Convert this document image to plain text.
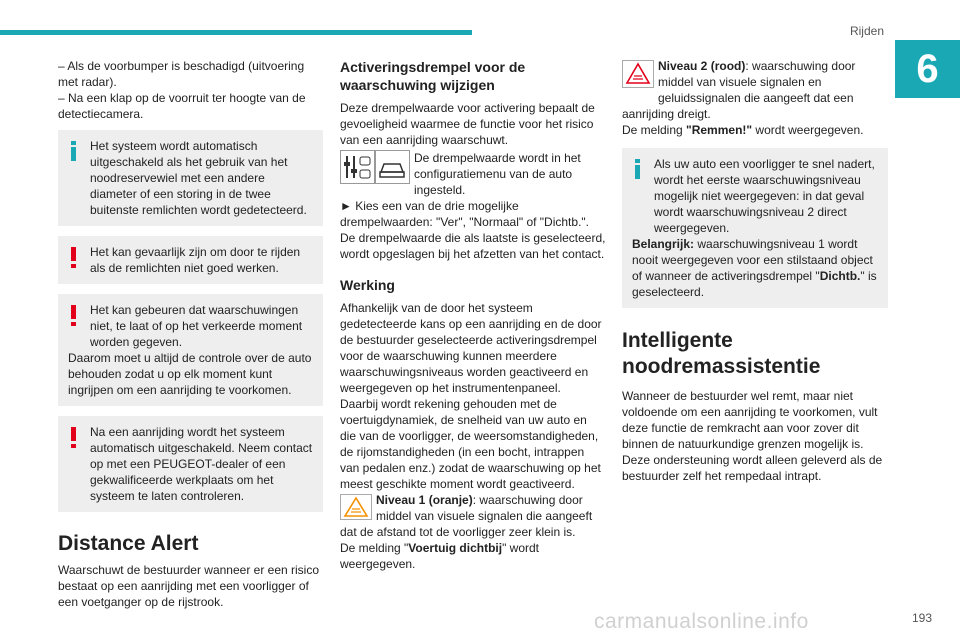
Rijden
6

– Als de voorbumper is beschadigd (uitvoering met radar).

– Na een klap op de voorruit ter hoogte van de detectiecamera.

Het systeem wordt automatisch uitgeschakeld als het gebruik van het noodreservewiel met een andere diameter of een storing in de twee buitenste remlichten wordt gedetecteerd.

Het kan gevaarlijk zijn om door te rijden als de remlichten niet goed werken.

Het kan gebeuren dat waarschuwingen niet, te laat of op het verkeerde moment worden gegeven.

Daarom moet u altijd de controle over de auto behouden zodat u op elk moment kunt ingrijpen om een aanrijding te voorkomen.

Na een aanrijding wordt het systeem automatisch uitgeschakeld. Neem contact op met een PEUGEOT-dealer of een gekwalificeerde werkplaats om het systeem te laten controleren.

Distance Alert

Waarschuwt de bestuurder wanneer er een risico bestaat op een aanrijding met een voorligger of een voetganger op de rijstrook.

Activeringsdrempel voor de waarschuwing wijzigen

Deze drempelwaarde voor activering bepaalt de gevoeligheid waarmee de functie voor het risico van een aanrijding waarschuwt.

De drempelwaarde wordt in het configuratiemenu van de auto ingesteld.

► Kies een van de drie mogelijke drempelwaarden: "Ver", "Normaal" of "Dichtb.".

De drempelwaarde die als laatste is geselecteerd, wordt opgeslagen bij het afzetten van het contact.

Werking

Afhankelijk van de door het systeem gedetecteerde kans op een aanrijding en de door de bestuurder geselecteerde activeringsdrempel voor de waarschuwing kunnen meerdere waarschuwingsniveaus worden geactiveerd en weergegeven op het instrumentenpaneel.

Daarbij wordt rekening gehouden met de voertuigdynamiek, de snelheid van uw auto en die van de voorligger, de weersomstandigheden, de rijomstandigheden (in een bocht, intrappen van pedalen enz.) zodat de waarschuwing op het meest geschikte moment wordt geactiveerd.

Niveau 1 (oranje): waarschuwing door middel van visuele signalen die aangeeft dat de afstand tot de voorligger zeer klein is.

De melding "Voertuig dichtbij" wordt weergegeven.

Niveau 2 (rood): waarschuwing door middel van visuele signalen en geluidssignalen die aangeeft dat een aanrijding dreigt.

De melding "Remmen!" wordt weergegeven.

Als uw auto een voorligger te snel nadert, wordt het eerste waarschuwingsniveau mogelijk niet weergegeven: in dat geval wordt waarschuwingsniveau 2 direct weergegeven.

Belangrijk: waarschuwingsniveau 1 wordt nooit weergegeven voor een stilstaand object of wanneer de activeringsdrempel "Dichtb." is geselecteerd.

Intelligente noodremassistentie

Wanneer de bestuurder wel remt, maar niet voldoende om een aanrijding te voorkomen, vult deze functie de remkracht aan voor zover dit binnen de natuurkundige grenzen mogelijk is. Deze ondersteuning wordt alleen geleverd als de bestuurder zelf het rempedaal intrapt.

carmanualsonline.info	193
